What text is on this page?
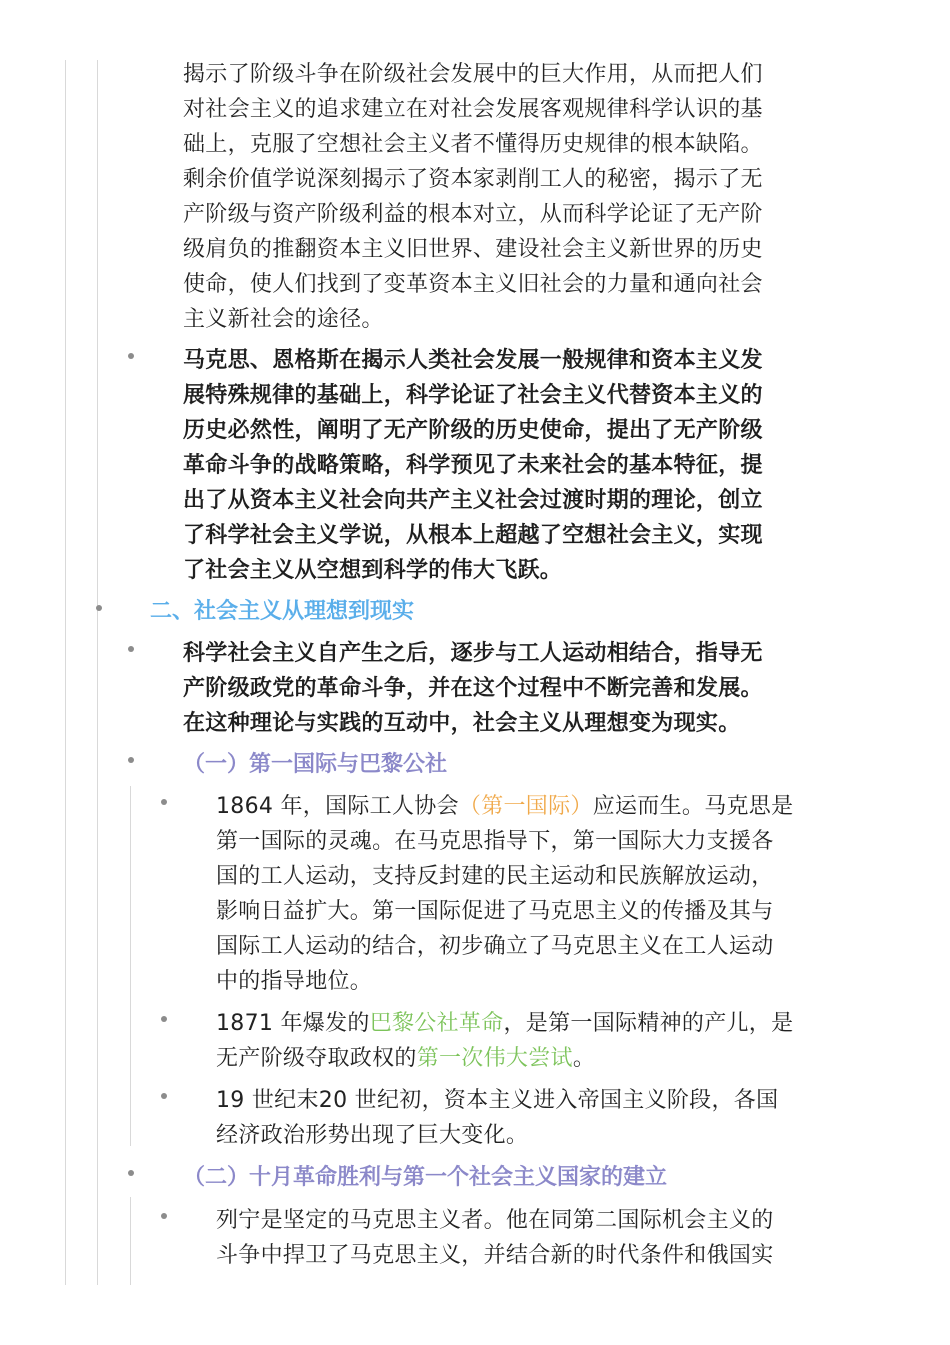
揭示了阶级斗争在阶级社会发展中的巨大作用，从而把人们
对社会主义的追求建立在对社会发展客观规律科学认识的基
础上，克服了空想社会主义者不懂得历史规律的根本缺陷。
剩余价值学说深刻揭示了资本家剥削工人的秘密，揭示了无
产阶级与资产阶级利益的根本对立，从而科学论证了无产阶
级肩负的推翻资本主义旧世界、建设社会主义新世界的历史
使命，使人们找到了变革资本主义旧社会的力量和通向社会
主义新社会的途径。
马克思、恩格斯在揭示人类社会发展一般规律和资本主义发
展特殊规律的基础上，科学论证了社会主义代替资本主义的
历史必然性，阐明了无产阶级的历史使命，提出了无产阶级
革命斗争的战略策略，科学预见了未来社会的基本特征，提
出了从资本主义社会向共产主义社会过渡时期的理论，创立
了科学社会主义学说，从根本上超越了空想社会主义，实现
了社会主义从空想到科学的伟大飞跃。
二、社会主义从理想到现实
科学社会主义自产生之后，逐步与工人运动相结合，指导无
产阶级政党的革命斗争，并在这个过程中不断完善和发展。
在这种理论与实践的互动中，社会主义从理想变为现实。
（一）第一国际与巴黎公社
1864 年，国际工人协会（第一国际）应运而生。马克思是
第一国际的灵魂。在马克思指导下，第一国际大力支援各
国的工人运动，支持反封建的民主运动和民族解放运动，
影响日益扩大。第一国际促进了马克思主义的传播及其与
国际工人运动的结合，初步确立了马克思主义在工人运动
中的指导地位。
1871 年爆发的巴黎公社革命，是第一国际精神的产儿，是
无产阶级夺取政权的第一次伟大尝试。
19 世纪末20 世纪初，资本主义进入帝国主义阶段，各国
经济政治形势出现了巨大变化。
（二）十月革命胜利与第一个社会主义国家的建立
列宁是坚定的马克思主义者。他在同第二国际机会主义的
斗争中捍卫了马克思主义，并结合新的时代条件和俄国实
